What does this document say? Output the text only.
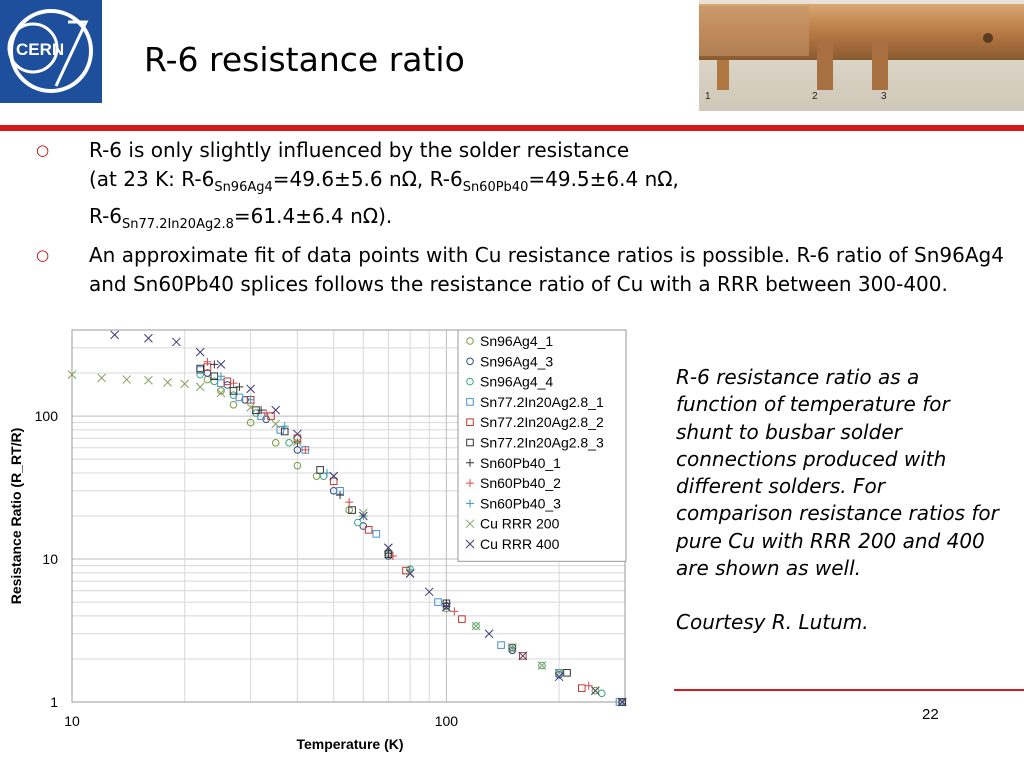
CERN R-6 resistance ratio
1	2	3
○ R-6 is only slightly influenced by the solder resistance
(at 23 K: $R-6_{Sn96Ag4}=49.6\pm 5.6$ nΩ, $R-6_{Sn60Pb40}=49.5\pm 6.4$ nΩ,
$R-6_{Sn77.2In20Ag2.8}=61.4\pm 6.4$ nΩ).
○ An approximate fit of data points with Cu resistance ratios is possible. R-6 ratio of Sn96Ag4 and Sn60Pb40 splices follows the resistance ratio of Cu with a RRR between 300-400.
10	100
1
10
100
Temperature (K)
Resistance Ratio (R_RT/R)
Sn96Ag4_1
Sn96Ag4_3
Sn96Ag4_4
Sn77.2In20Ag2.8_1
Sn77.2In20Ag2.8_2
Sn77.2In20Ag2.8_3
Sn60Pb40_1
Sn60Pb40_2
Sn60Pb40_3
Cu RRR 200
Cu RRR 400

R-6 resistance ratio as a function of temperature for shunt to busbar solder connections produced with different solders. For comparison resistance ratios for pure Cu with RRR 200 and 400 are shown as well.

Courtesy R. Lutum.

22
